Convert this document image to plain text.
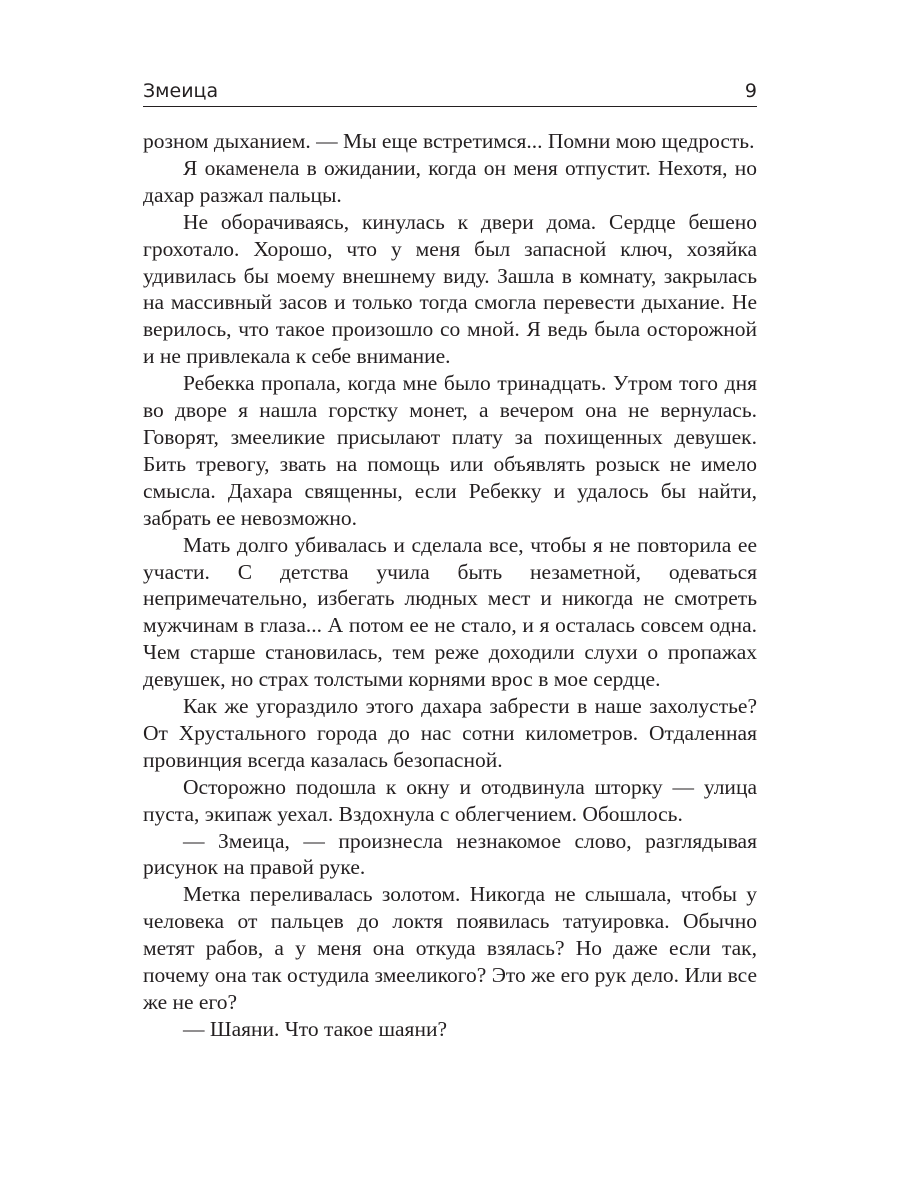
Змеица	9

розном дыханием. — Мы еще встретимся... Помни мою щедрость.

Я окаменела в ожидании, когда он меня отпустит. Нехотя, но дахар разжал пальцы.

Не оборачиваясь, кинулась к двери дома. Сердце бешено грохотало. Хорошо, что у меня был запасной ключ, хозяйка удивилась бы моему внешнему виду. Зашла в комнату, закрылась на массивный засов и только тогда смогла перевести дыхание. Не верилось, что такое произошло со мной. Я ведь была осторожной и не привлекала к себе внимание.

Ребекка пропала, когда мне было тринадцать. Утром того дня во дворе я нашла горстку монет, а вечером она не вернулась. Говорят, змееликие присылают плату за похищенных девушек. Бить тревогу, звать на помощь или объявлять розыск не имело смысла. Дахара священны, если Ребекку и удалось бы найти, забрать ее невозможно.

Мать долго убивалась и сделала все, чтобы я не повторила ее участи. С детства учила быть незаметной, одеваться непримечательно, избегать людных мест и никогда не смотреть мужчинам в глаза... А потом ее не стало, и я осталась совсем одна. Чем старше становилась, тем реже доходили слухи о пропажах девушек, но страх толстыми корнями врос в мое сердце.

Как же угораздило этого дахара забрести в наше захолустье? От Хрустального города до нас сотни километров. Отдаленная провинция всегда казалась безопасной.

Осторожно подошла к окну и отодвинула шторку — улица пуста, экипаж уехал. Вздохнула с облегчением. Обошлось.

— Змеица, — произнесла незнакомое слово, разглядывая рисунок на правой руке.

Метка переливалась золотом. Никогда не слышала, чтобы у человека от пальцев до локтя появилась татуировка. Обычно метят рабов, а у меня она откуда взялась? Но даже если так, почему она так остудила змееликого? Это же его рук дело. Или все же не его?

— Шаяни. Что такое шаяни?
